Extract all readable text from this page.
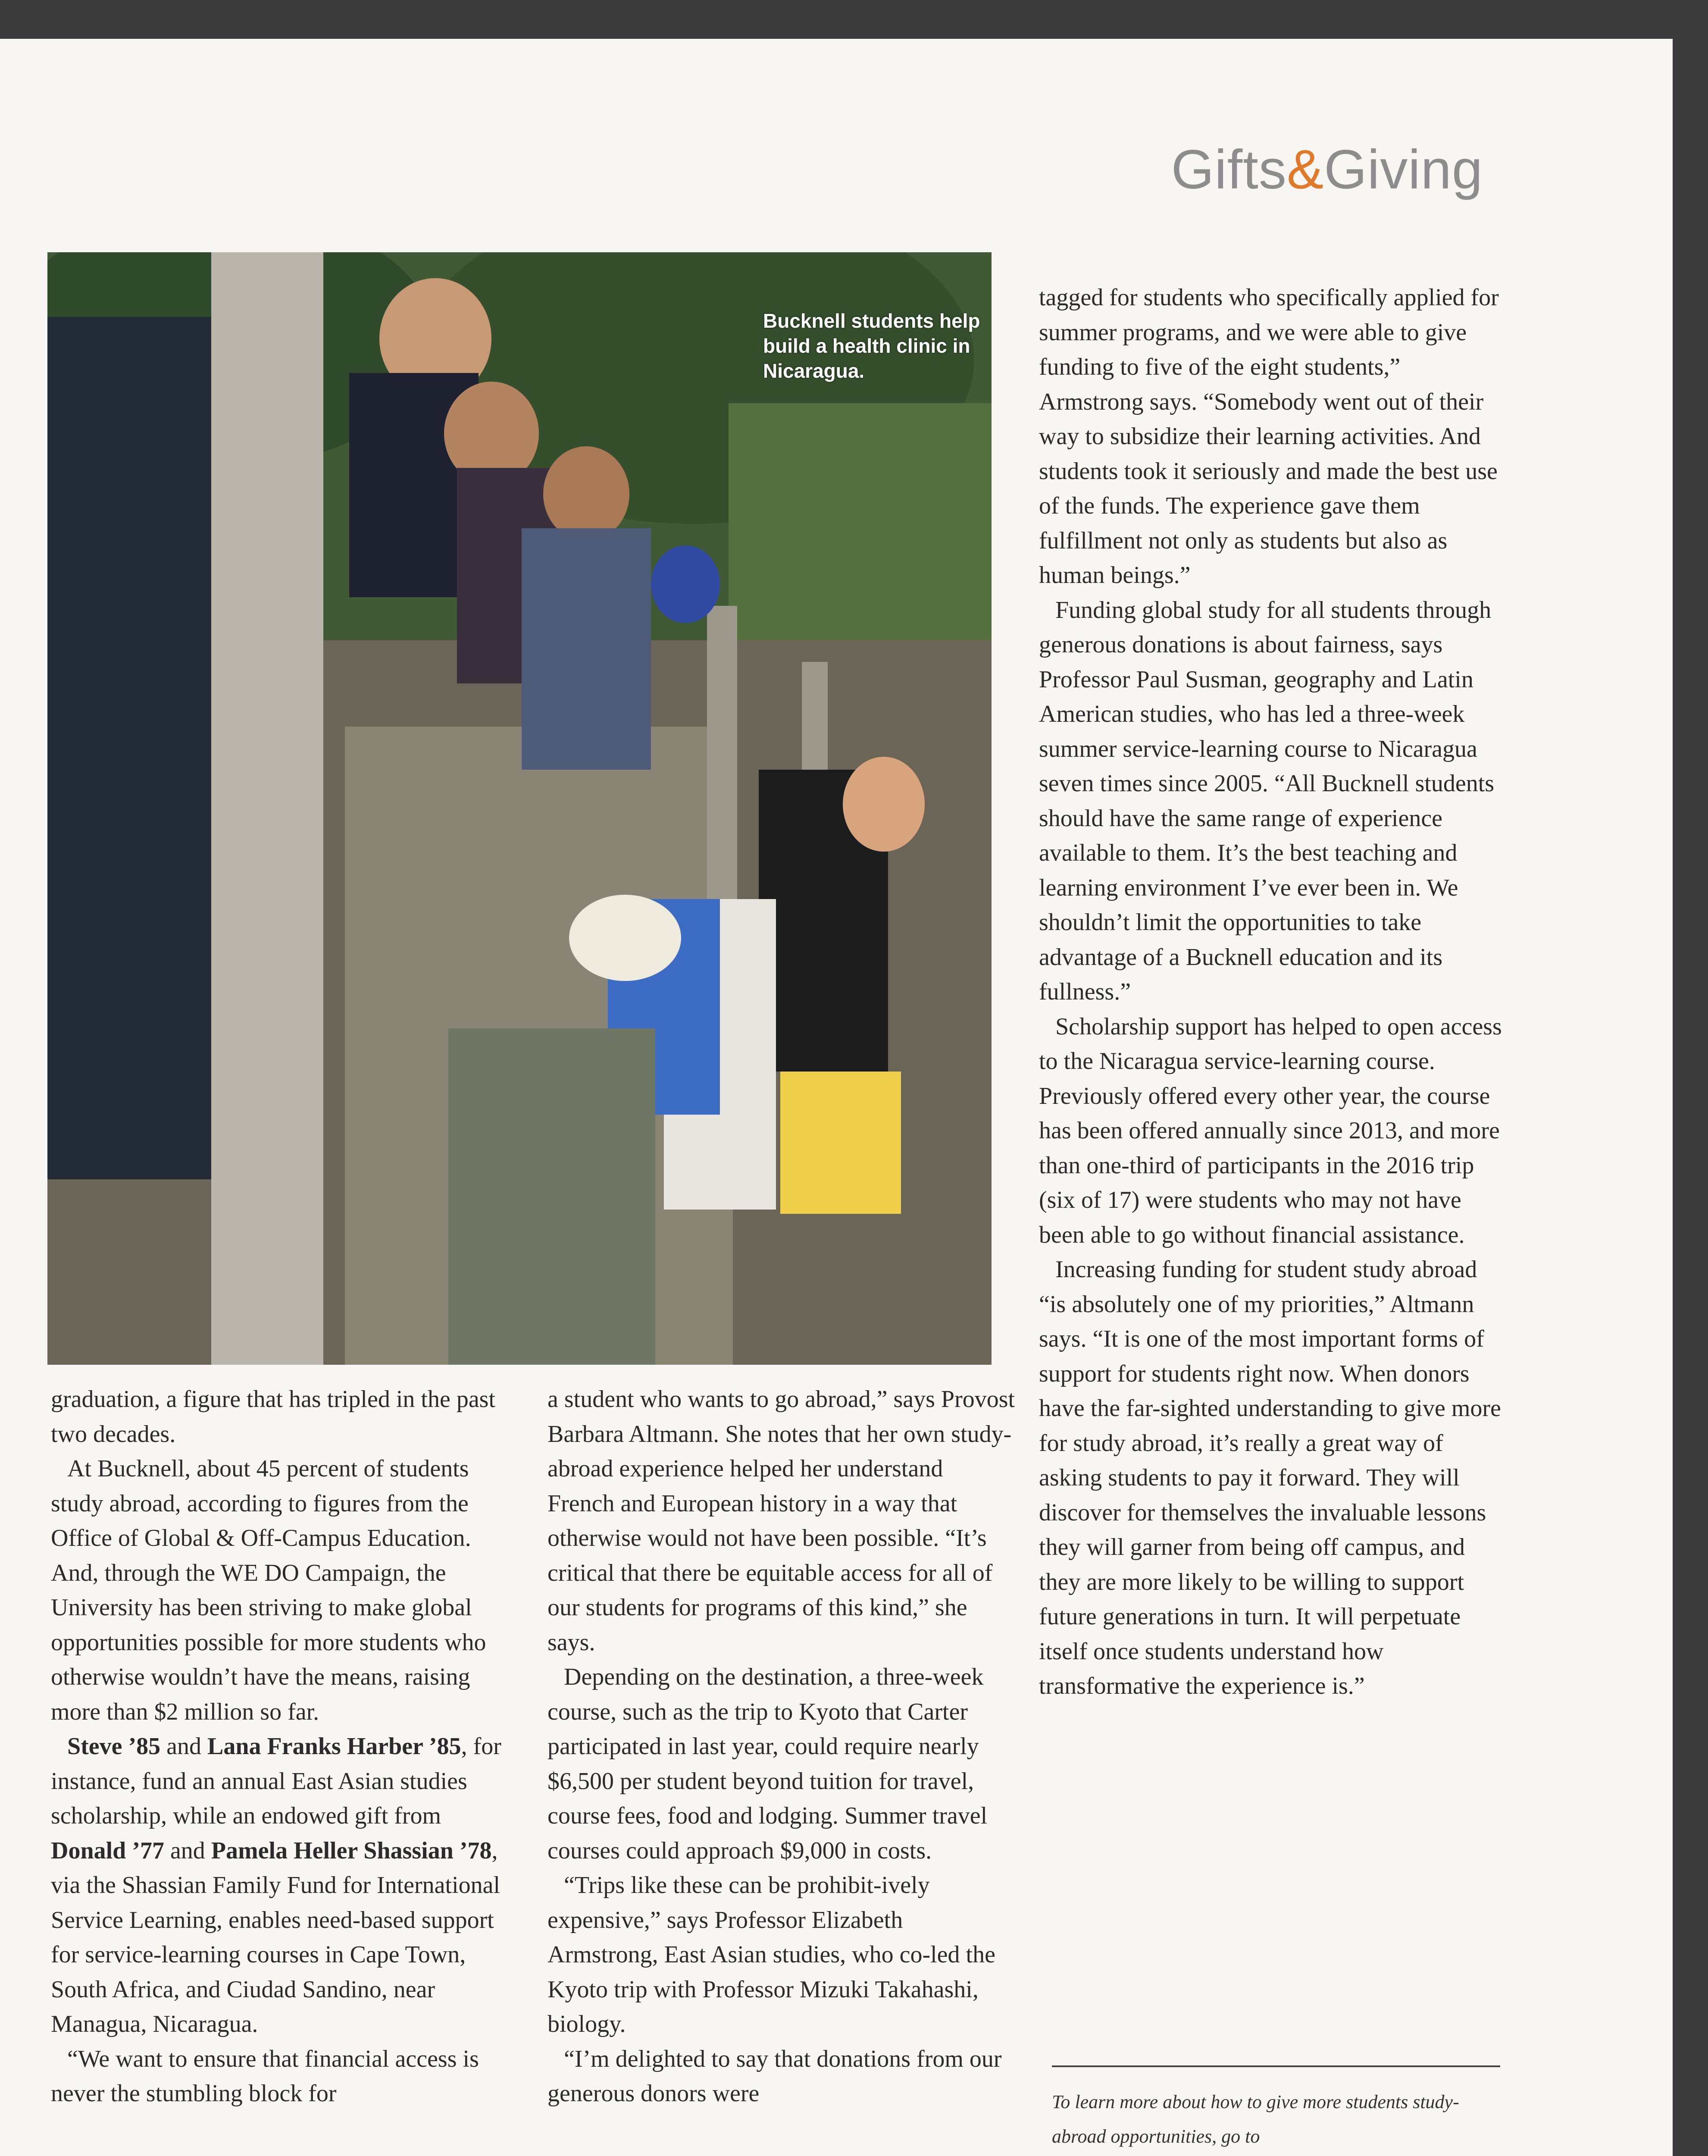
Gifts&Giving
Bucknell students help build a health clinic in Nicaragua.

graduation, a figure that has tripled in the past two decades.

At Bucknell, about 45 percent of students study abroad, according to figures from the Office of Global & Off-Campus Education. And, through the WE DO Campaign, the University has been striving to make global opportunities possible for more students who otherwise wouldn’t have the means, raising more than $2 million so far.

Steve ’85 and Lana Franks Harber ’85, for instance, fund an annual East Asian studies scholarship, while an endowed gift from Donald ’77 and Pamela Heller Shassian ’78, via the Shassian Family Fund for International Service Learning, enables need-based support for service-learning courses in Cape Town, South Africa, and Ciudad Sandino, near Managua, Nicaragua.

“We want to ensure that financial access is never the stumbling block for

a student who wants to go abroad,” says Provost Barbara Altmann. She notes that her own study-abroad experience helped her understand French and European history in a way that otherwise would not have been possible. “It’s critical that there be equitable access for all of our students for programs of this kind,” she says.

Depending on the destination, a three-week course, such as the trip to Kyoto that Carter participated in last year, could require nearly $6,500 per student beyond tuition for travel, course fees, food and lodging. Summer travel courses could approach $9,000 in costs.

“Trips like these can be prohibit-ively expensive,” says Professor Elizabeth Armstrong, East Asian studies, who co-led the Kyoto trip with Professor Mizuki Takahashi, biology.

“I’m delighted to say that donations from our generous donors were

tagged for students who specifically applied for summer programs, and we were able to give funding to five of the eight students,” Armstrong says. “Somebody went out of their way to subsidize their learning activities. And students took it seriously and made the best use of the funds. The experience gave them fulfillment not only as students but also as human beings.”

Funding global study for all students through generous donations is about fairness, says Professor Paul Susman, geography and Latin American studies, who has led a three-week summer service-learning course to Nicaragua seven times since 2005. “All Bucknell students should have the same range of experience available to them. It’s the best teaching and learning environment I’ve ever been in. We shouldn’t limit the opportunities to take advantage of a Bucknell education and its fullness.”

Scholarship support has helped to open access to the Nicaragua service-learning course. Previously offered every other year, the course has been offered annually since 2013, and more than one-third of participants in the 2016 trip (six of 17) were students who may not have been able to go without financial assistance.

Increasing funding for student study abroad “is absolutely one of my priorities,” Altmann says. “It is one of the most important forms of support for students right now. When donors have the far-sighted understanding to give more for study abroad, it’s really a great way of asking students to pay it forward. They will discover for themselves the invaluable lessons they will garner from being off campus, and they are more likely to be willing to support future generations in turn. It will perpetuate itself once students understand how transformative the experience is.”

To learn more about how to give more students study-abroad opportunities, go to
